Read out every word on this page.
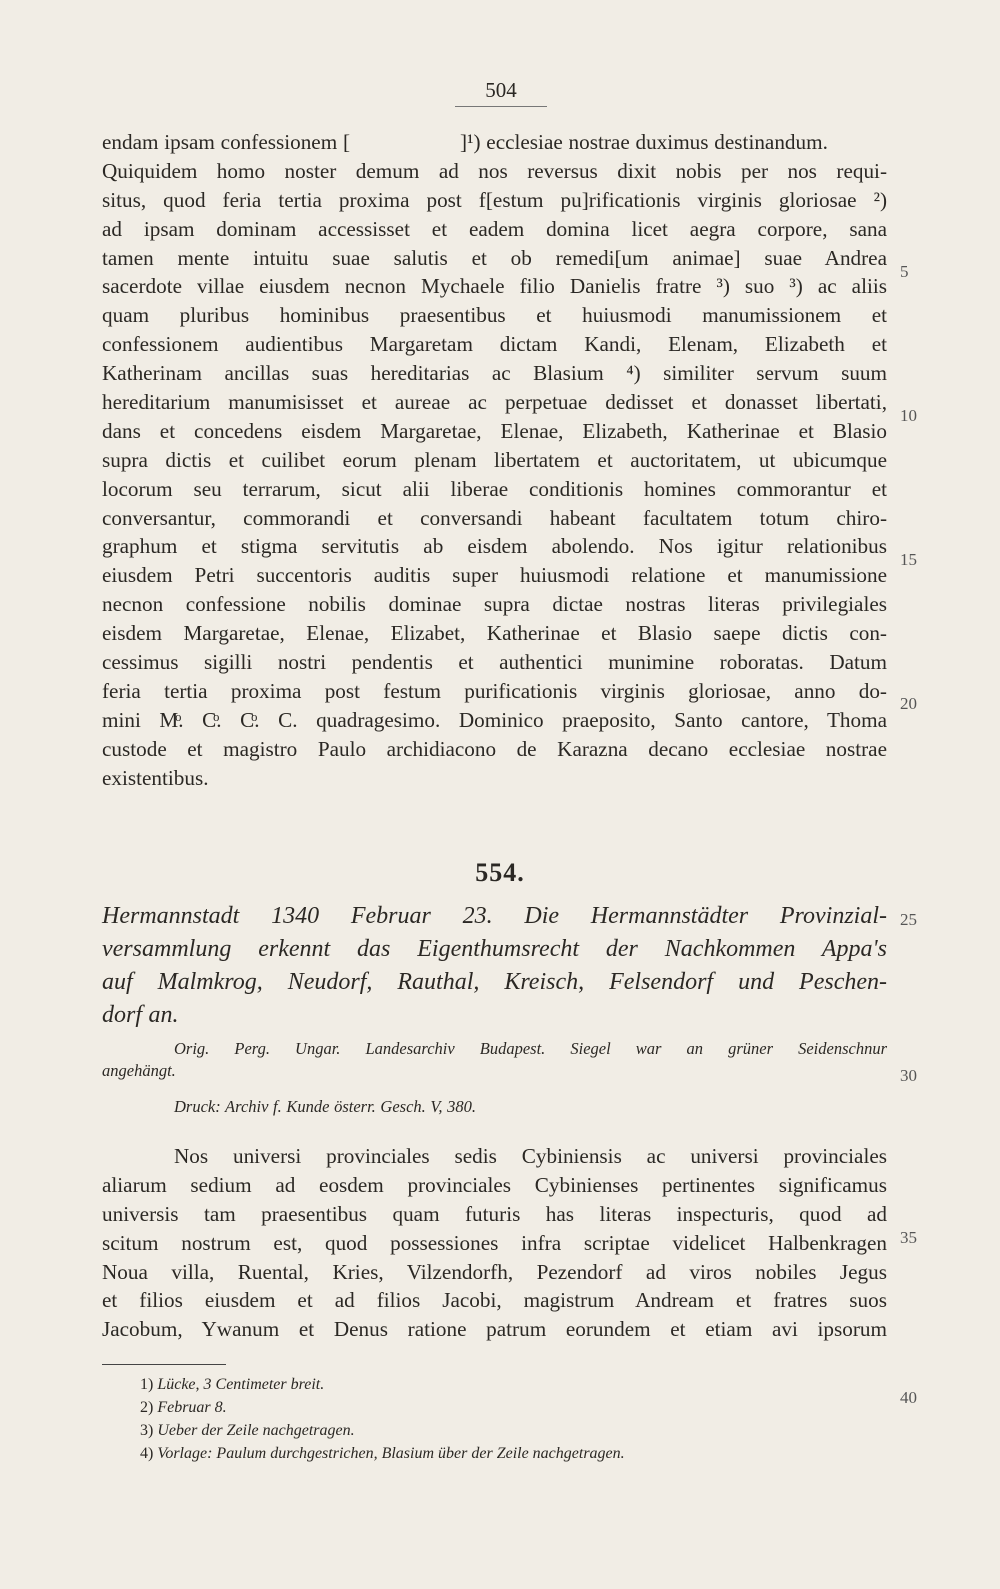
504
endam ipsam confessionem [	]¹) ecclesiae nostrae duximus destinandum.
Quiquidem homo noster demum ad nos reversus dixit nobis per nos requi-
situs, quod feria tertia proxima post f[estum pu]rificationis virginis gloriosae ²)
ad ipsam dominam accessisset et eadem domina licet aegra corpore, sana
tamen mente intuitu suae salutis et ob remedi[um animae] suae Andrea
sacerdote villae eiusdem necnon Mychaele filio Danielis fratre ³) suo ³) ac aliis
quam pluribus hominibus praesentibus et huiusmodi manumissionem et
confessionem audientibus Margaretam dictam Kandi, Elenam, Elizabeth et
Katherinam ancillas suas hereditarias ac Blasium ⁴) similiter servum suum
hereditarium manumisisset et aureae ac perpetuae dedisset et donasset libertati,
dans et concedens eisdem Margaretae, Elenae, Elizabeth, Katherinae et Blasio
supra dictis et cuilibet eorum plenam libertatem et auctoritatem, ut ubicumque
locorum seu terrarum, sicut alii liberae conditionis homines commorantur et
conversantur, commorandi et conversandi habeant facultatem totum chiro-
graphum et stigma servitutis ab eisdem abolendo. Nos igitur relationibus
eiusdem Petri succentoris auditis super huiusmodi relatione et manumissione
necnon confessione nobilis dominae supra dictae nostras literas privilegiales
eisdem Margaretae, Elenae, Elizabet, Katherinae et Blasio saepe dictis con-
cessimus sigilli nostri pendentis et authentici munimine roboratas. Datum
feria tertia proxima post festum purificationis virginis gloriosae, anno do-
mini Mͦ. Cͦ. Cͦ. C. quadragesimo. Dominico praeposito, Santo cantore, Thoma
custode et magistro Paulo archidiacono de Karazna decano ecclesiae nostrae
existentibus.
554.
Hermannstadt 1340 Februar 23. Die Hermannstädter Provinzial-
versammlung erkennt das Eigenthumsrecht der Nachkommen Appa's
auf Malmkrog, Neudorf, Rauthal, Kreisch, Felsendorf und Peschen-
dorf an.
Orig. Perg. Ungar. Landesarchiv Budapest. Siegel war an grüner Seidenschnur
angehängt.
Druck: Archiv f. Kunde österr. Gesch. V, 380.
Nos universi provinciales sedis Cybiniensis ac universi provinciales
aliarum sedium ad eosdem provinciales Cybinienses pertinentes significamus
universis tam praesentibus quam futuris has literas inspecturis, quod ad
scitum nostrum est, quod possessiones infra scriptae videlicet Halbenkragen
Noua villa, Ruental, Kries, Vilzendorfh, Pezendorf ad viros nobiles Jegus
et filios eiusdem et ad filios Jacobi, magistrum Andream et fratres suos
Jacobum, Ywanum et Denus ratione patrum eorundem et etiam avi ipsorum
5
10
15
20
25
30
35
40
1) Lücke, 3 Centimeter breit.
2) Februar 8.
3) Ueber der Zeile nachgetragen.
4) Vorlage: Paulum durchgestrichen, Blasium über der Zeile nachgetragen.
